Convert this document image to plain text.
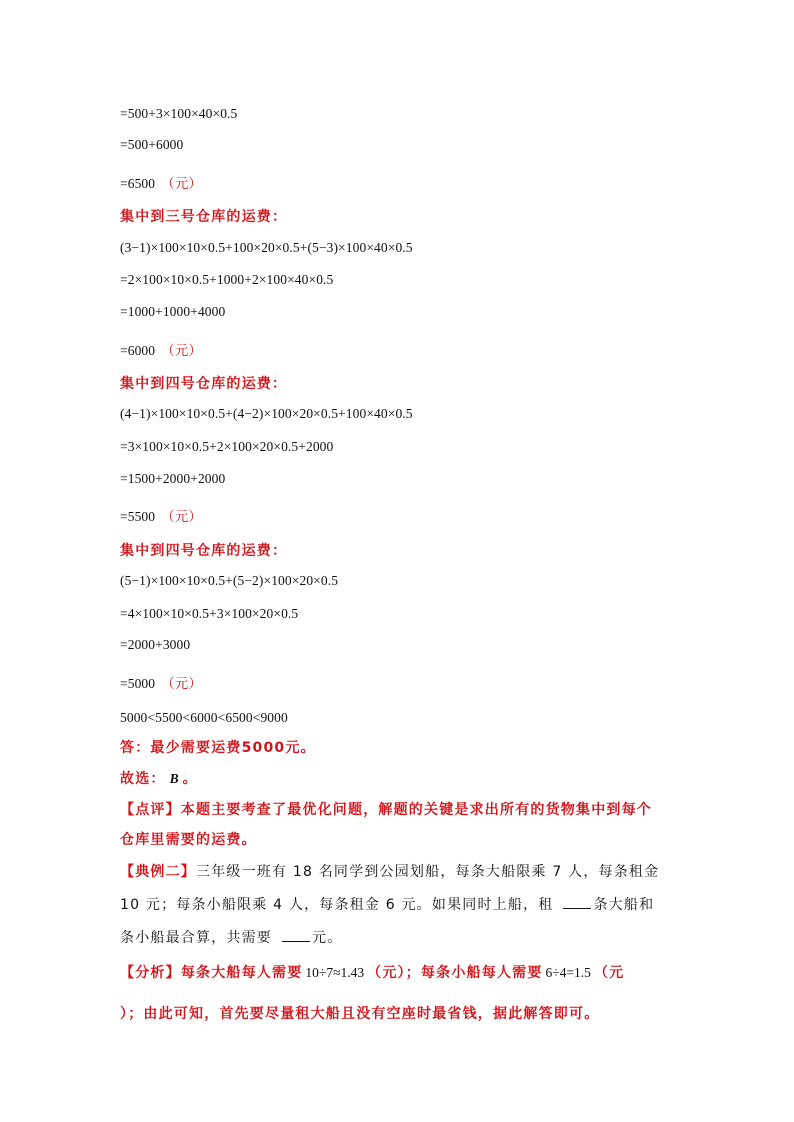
=500+3×100×40×0.5
=500+6000
=6500 （元）
集中到三号仓库的运费：
(3−1)×100×10×0.5+100×20×0.5+(5−3)×100×40×0.5
=2×100×10×0.5+1000+2×100×40×0.5
=1000+1000+4000
=6000 （元）
集中到四号仓库的运费：
(4−1)×100×10×0.5+(4−2)×100×20×0.5+100×40×0.5
=3×100×10×0.5+2×100×20×0.5+2000
=1500+2000+2000
=5500 （元）
集中到四号仓库的运费：
(5−1)×100×10×0.5+(5−2)×100×20×0.5
=4×100×10×0.5+3×100×20×0.5
=2000+3000
=5000 （元）
5000<5500<6000<6500<9000
答：最少需要运费5000元。
故选： B 。
【点评】本题主要考查了最优化问题，解题的关键是求出所有的货物集中到每个
仓库里需要的运费。
【典例二】三年级一班有 18 名同学到公园划船，每条大船限乘 7 人，每条租金
10 元；每条小船限乘 4 人，每条租金 6 元。如果同时上船，租	条大船和
条小船最合算，共需要	元。
【分析】每条大船每人需要 10÷7≈1.43 （元）；每条小船每人需要 6÷4=1.5 （元
）；由此可知，首先要尽量租大船且没有空座时最省钱，据此解答即可。
